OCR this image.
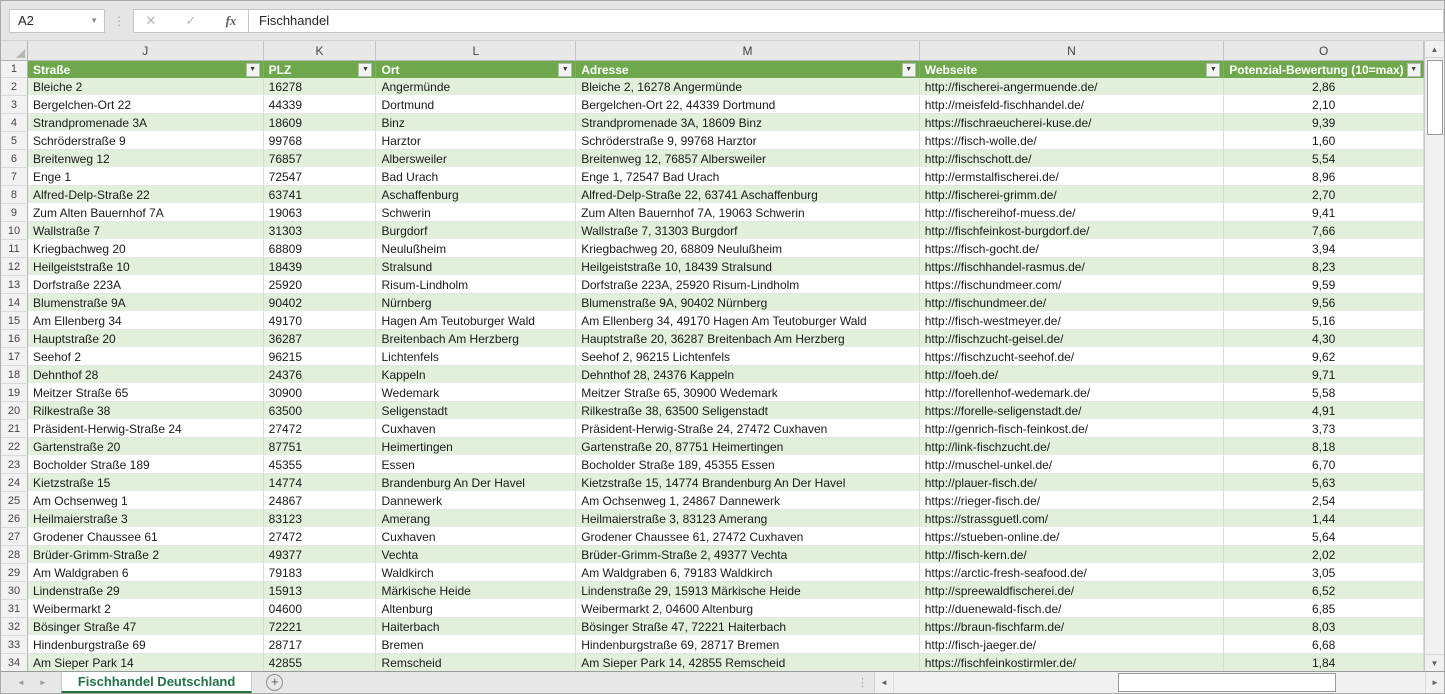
A2	▼	⋮	✕	✓	fx	Fischhandel
J	K	L	M	N	O
1	Straße	▼ PLZ	▼ Ort	▼ Adresse	▼ Webseite	▼ Potenzial-Bewertung (10=max) ▼
2	Bleiche 2	16278	Angermünde	Bleiche 2, 16278 Angermünde	http://fischerei-angermuende.de/	2,86
3	Bergelchen-Ort 22	44339	Dortmund	Bergelchen-Ort 22, 44339 Dortmund	http://meisfeld-fischhandel.de/	2,10
4	Strandpromenade 3A	18609	Binz	Strandpromenade 3A, 18609 Binz	https://fischraeucherei-kuse.de/	9,39
5	Schröderstraße 9	99768	Harztor	Schröderstraße 9, 99768 Harztor	https://fisch-wolle.de/	1,60
6	Breitenweg 12	76857	Albersweiler	Breitenweg 12, 76857 Albersweiler	http://fischschott.de/	5,54
7	Enge 1	72547	Bad Urach	Enge 1, 72547 Bad Urach	http://ermstalfischerei.de/	8,96
8	Alfred-Delp-Straße 22	63741	Aschaffenburg	Alfred-Delp-Straße 22, 63741 Aschaffenburg	http://fischerei-grimm.de/	2,70
9	Zum Alten Bauernhof 7A	19063	Schwerin	Zum Alten Bauernhof 7A, 19063 Schwerin	http://fischereihof-muess.de/	9,41
10	Wallstraße 7	31303	Burgdorf	Wallstraße 7, 31303 Burgdorf	http://fischfeinkost-burgdorf.de/	7,66
11	Kriegbachweg 20	68809	Neulußheim	Kriegbachweg 20, 68809 Neulußheim	https://fisch-gocht.de/	3,94
12	Heilgeiststraße 10	18439	Stralsund	Heilgeiststraße 10, 18439 Stralsund	https://fischhandel-rasmus.de/	8,23
13	Dorfstraße 223A	25920	Risum-Lindholm	Dorfstraße 223A, 25920 Risum-Lindholm	https://fischundmeer.com/	9,59
14	Blumenstraße 9A	90402	Nürnberg	Blumenstraße 9A, 90402 Nürnberg	http://fischundmeer.de/	9,56
15	Am Ellenberg 34	49170	Hagen Am Teutoburger Wald	Am Ellenberg 34, 49170 Hagen Am Teutoburger Wald	http://fisch-westmeyer.de/	5,16
16	Hauptstraße 20	36287	Breitenbach Am Herzberg	Hauptstraße 20, 36287 Breitenbach Am Herzberg	http://fischzucht-geisel.de/	4,30
17	Seehof 2	96215	Lichtenfels	Seehof 2, 96215 Lichtenfels	https://fischzucht-seehof.de/	9,62
18	Dehnthof 28	24376	Kappeln	Dehnthof 28, 24376 Kappeln	http://foeh.de/	9,71
19	Meitzer Straße 65	30900	Wedemark	Meitzer Straße 65, 30900 Wedemark	http://forellenhof-wedemark.de/	5,58
20	Rilkestraße 38	63500	Seligenstadt	Rilkestraße 38, 63500 Seligenstadt	https://forelle-seligenstadt.de/	4,91
21	Präsident-Herwig-Straße 24	27472	Cuxhaven	Präsident-Herwig-Straße 24, 27472 Cuxhaven	http://genrich-fisch-feinkost.de/	3,73
22	Gartenstraße 20	87751	Heimertingen	Gartenstraße 20, 87751 Heimertingen	http://link-fischzucht.de/	8,18
23	Bocholder Straße 189	45355	Essen	Bocholder Straße 189, 45355 Essen	http://muschel-unkel.de/	6,70
24	Kietzstraße 15	14774	Brandenburg An Der Havel	Kietzstraße 15, 14774 Brandenburg An Der Havel	http://plauer-fisch.de/	5,63
25	Am Ochsenweg 1	24867	Dannewerk	Am Ochsenweg 1, 24867 Dannewerk	https://rieger-fisch.de/	2,54
26	Heilmaierstraße 3	83123	Amerang	Heilmaierstraße 3, 83123 Amerang	https://strassguetl.com/	1,44
27	Grodener Chaussee 61	27472	Cuxhaven	Grodener Chaussee 61, 27472 Cuxhaven	https://stueben-online.de/	5,64
28	Brüder-Grimm-Straße 2	49377	Vechta	Brüder-Grimm-Straße 2, 49377 Vechta	http://fisch-kern.de/	2,02
29	Am Waldgraben 6	79183	Waldkirch	Am Waldgraben 6, 79183 Waldkirch	https://arctic-fresh-seafood.de/	3,05
30	Lindenstraße 29	15913	Märkische Heide	Lindenstraße 29, 15913 Märkische Heide	http://spreewaldfischerei.de/	6,52
31	Weibermarkt 2	04600	Altenburg	Weibermarkt 2, 04600 Altenburg	http://duenewald-fisch.de/	6,85
32	Bösinger Straße 47	72221	Haiterbach	Bösinger Straße 47, 72221 Haiterbach	https://braun-fischfarm.de/	8,03
33	Hindenburgstraße 69	28717	Bremen	Hindenburgstraße 69, 28717 Bremen	http://fisch-jaeger.de/	6,68
34	Am Sieper Park 14	42855	Remscheid	Am Sieper Park 14, 42855 Remscheid	https://fischfeinkostirmler.de/	1,84
▲
▼
◄ ► Fischhandel Deutschland	+	⋮	◄	►
